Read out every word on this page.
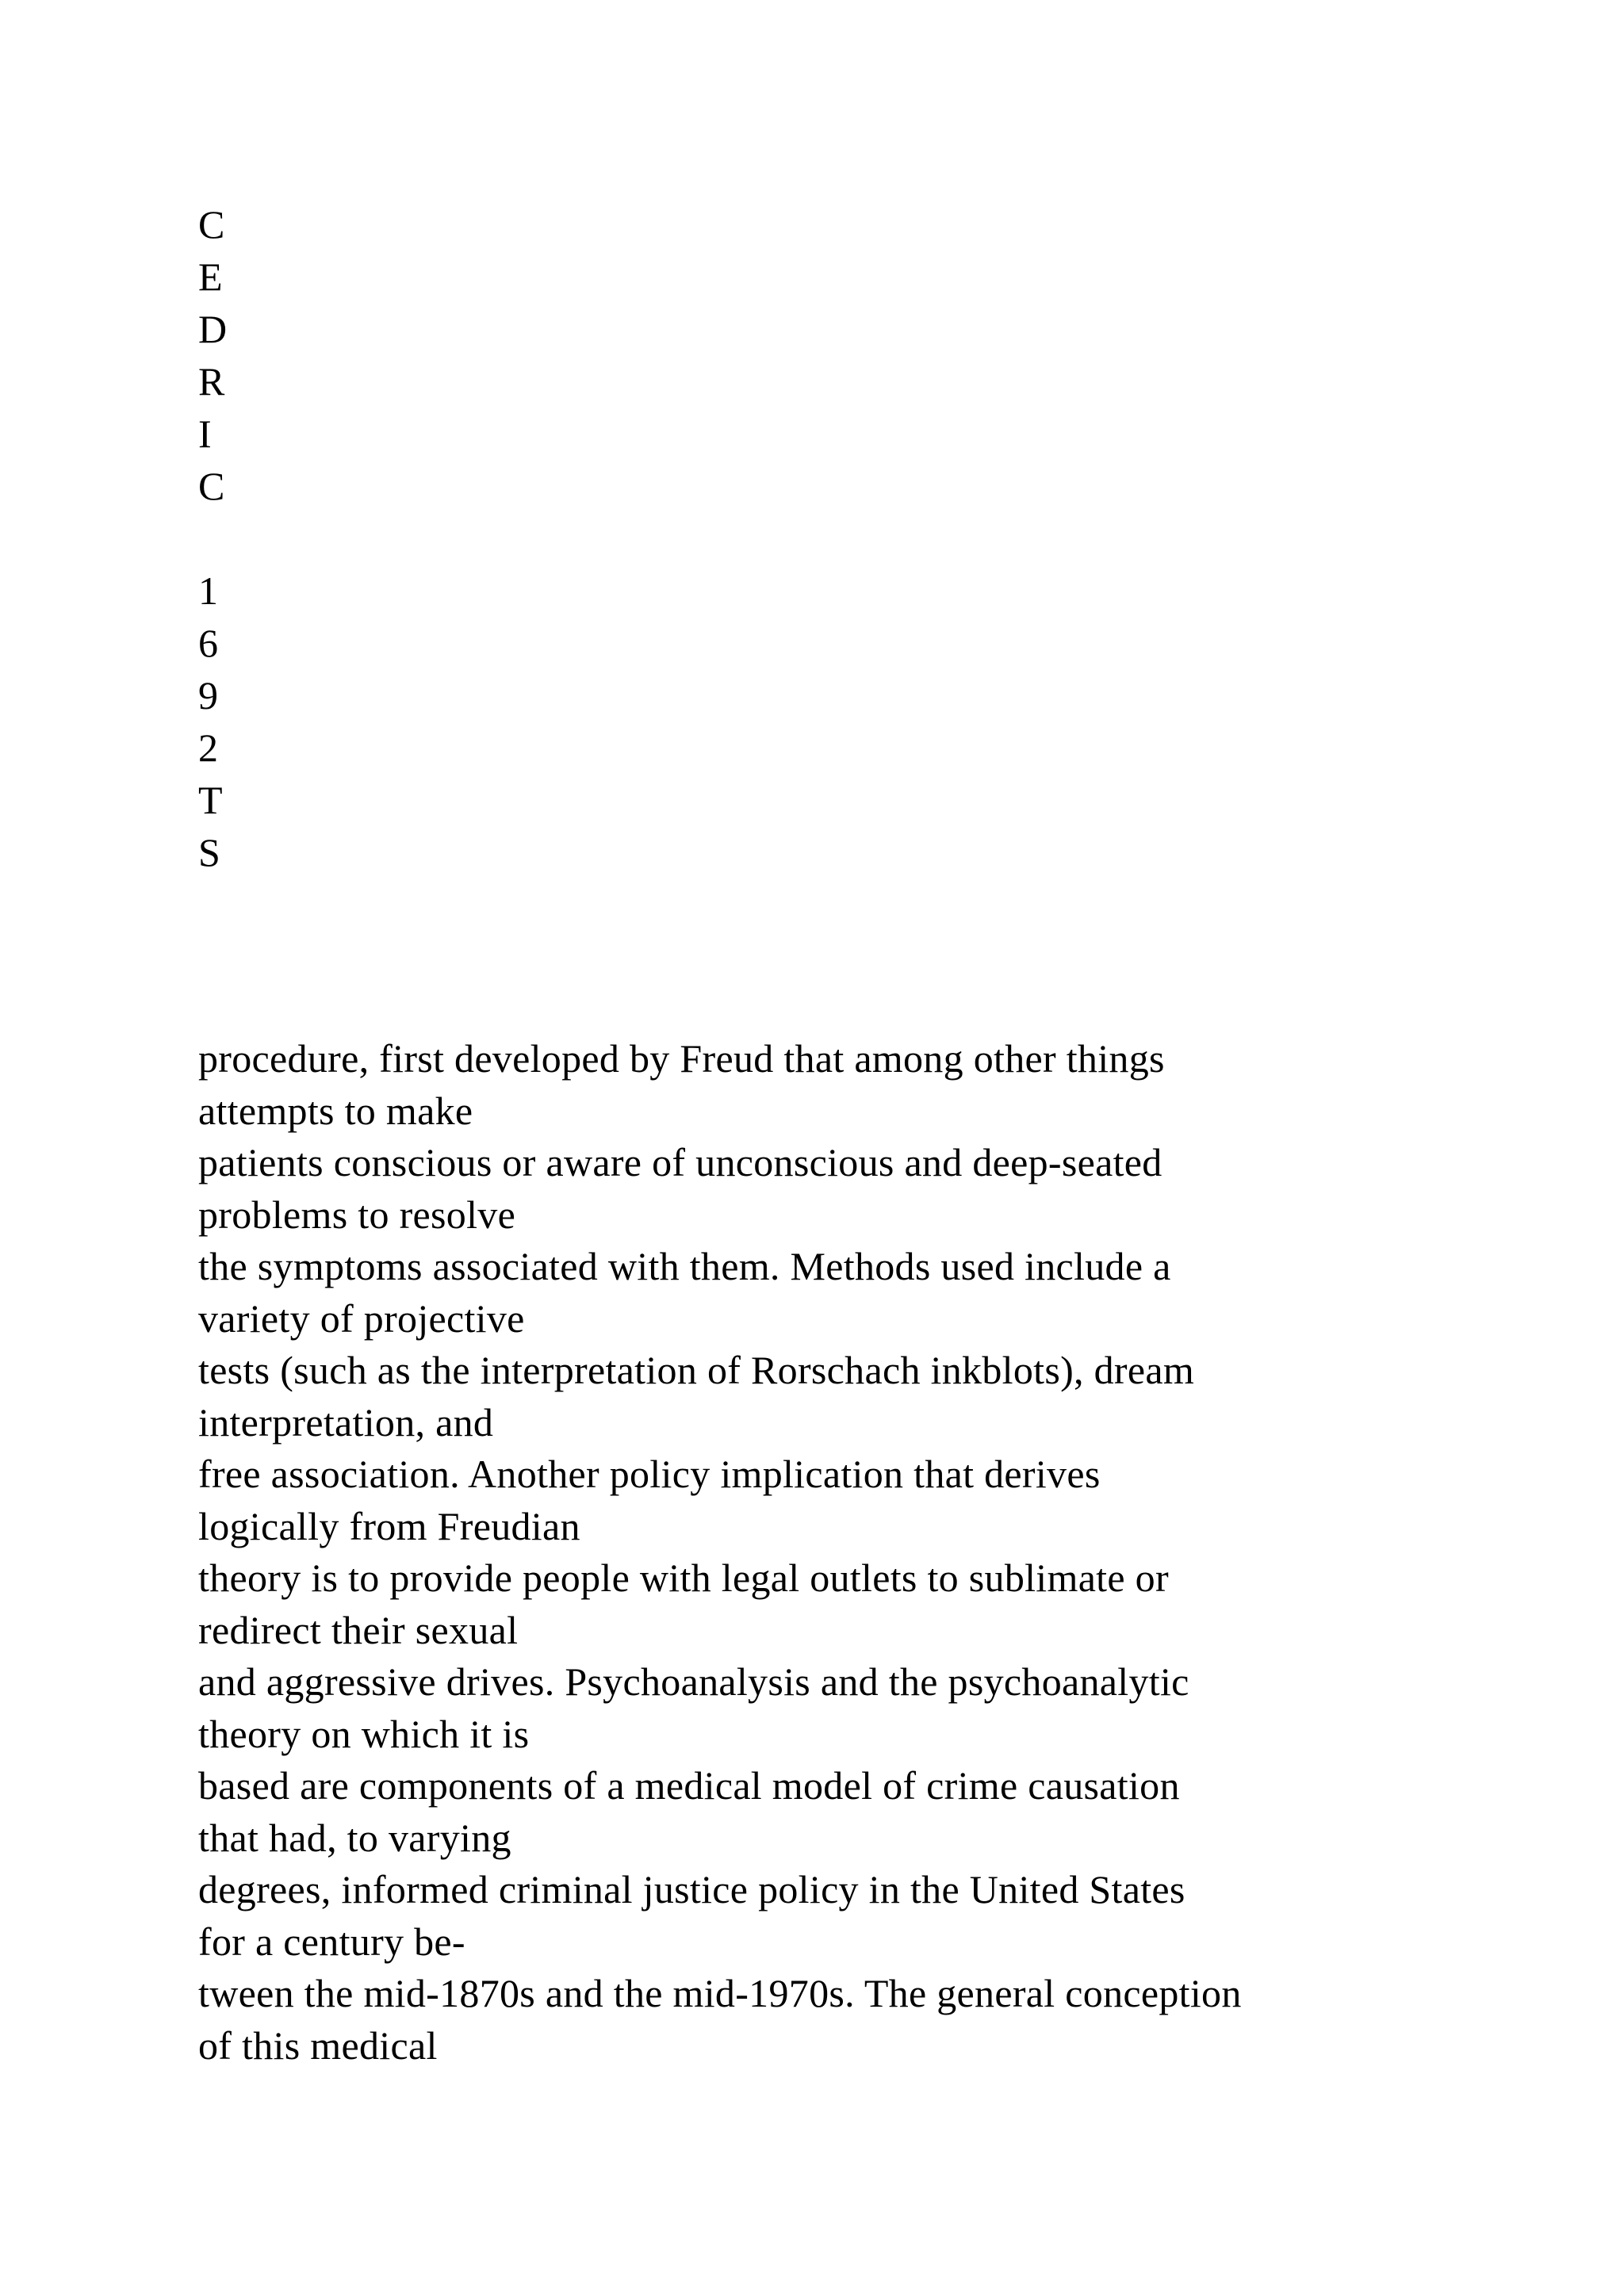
C
E
D
R
I
C
1
6
9
2
T
S
procedure, first developed by Freud that among other things
attempts to make
patients conscious or aware of unconscious and deep-seated
problems to resolve
the symptoms associated with them. Methods used include a
variety of projective
tests (such as the interpretation of Rorschach inkblots), dream
interpretation, and
free association. Another policy implication that derives
logically from Freudian
theory is to provide people with legal outlets to sublimate or
redirect their sexual
and aggressive drives. Psychoanalysis and the psychoanalytic
theory on which it is
based are components of a medical model of crime causation
that had, to varying
degrees, informed criminal justice policy in the United States
for a century be-
tween the mid-1870s and the mid-1970s. The general conception
of this medical
